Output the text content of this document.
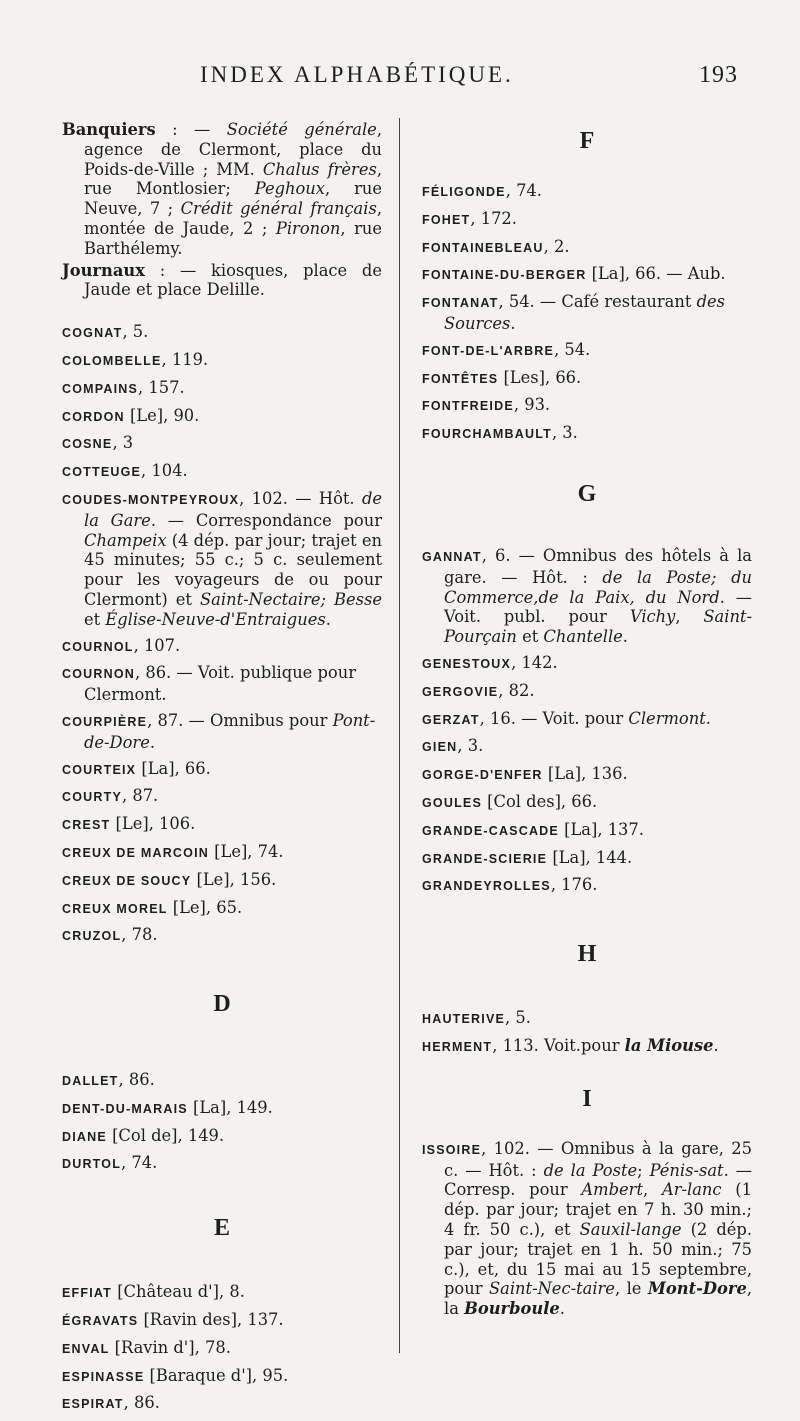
INDEX ALPHABÉTIQUE.	193

Banquiers : — Société générale, agence de Clermont, place du Poids-de-Ville ; MM. Chalus frères, rue Montlosier; Peghoux, rue Neuve, 7 ; Crédit général français, montée de Jaude, 2 ; Pironon, rue Barthélemy.

Journaux : — kiosques, place de Jaude et place Delille.

COGNAT, 5.

COLOMBELLE, 119.

COMPAINS, 157.

CORDON [Le], 90.

COSNE, 3

COTTEUGE, 104.

COUDES-MONTPEYROUX, 102. — Hôt. de la Gare. — Correspondance pour Champeix (4 dép. par jour; trajet en 45 minutes; 55 c.; 5 c. seulement pour les voyageurs de ou pour Clermont) et Saint-Nectaire; Besse et Église-Neuve-d'Entraigues.

COURNOL, 107.

COURNON, 86. — Voit. publique pour Clermont.

COURPIÈRE, 87. — Omnibus pour Pont-de-Dore.

COURTEIX [La], 66.

COURTY, 87.

CREST [Le], 106.

CREUX DE MARCOIN [Le], 74.

CREUX DE SOUCY [Le], 156.

CREUX MOREL [Le], 65.

CRUZOL, 78.

D

DALLET, 86.

DENT-DU-MARAIS [La], 149.

DIANE [Col de], 149.

DURTOL, 74.

E

EFFIAT [Château d'], 8.

ÉGRAVATS [Ravin des], 137.

ENVAL [Ravin d'], 78.

ESPINASSE [Baraque d'], 95.

ESPIRAT, 86.

F

FÉLIGONDE, 74.

FOHET, 172.

FONTAINEBLEAU, 2.

FONTAINE-DU-BERGER [La], 66. — Aub.

FONTANAT, 54. — Café restaurant des Sources.

FONT-DE-L'ARBRE, 54.

FONTÊTES [Les], 66.

FONTFREIDE, 93.

FOURCHAMBAULT, 3.

G

GANNAT, 6. — Omnibus des hôtels à la gare. — Hôt. : de la Poste; du Commerce,de la Paix, du Nord. — Voit. publ. pour Vichy, Saint-Pourçain et Chantelle.

GENESTOUX, 142.

GERGOVIE, 82.

GERZAT, 16. — Voit. pour Clermont.

GIEN, 3.

GORGE-D'ENFER [La], 136.

GOULES [Col des], 66.

GRANDE-CASCADE [La], 137.

GRANDE-SCIERIE [La], 144.

GRANDEYROLLES, 176.

H

HAUTERIVE, 5.

HERMENT, 113. Voit.pour la Miouse.

I

ISSOIRE, 102. — Omnibus à la gare, 25 c. — Hôt. : de la Poste; Pénis-sat. — Corresp. pour Ambert, Ar-lanc (1 dép. par jour; trajet en 7 h. 30 min.; 4 fr. 50 c.), et Sauxil-lange (2 dép. par jour; trajet en 1 h. 50 min.; 75 c.), et, du 15 mai au 15 septembre, pour Saint-Nec-taire, le Mont-Dore, la Bourboule.
